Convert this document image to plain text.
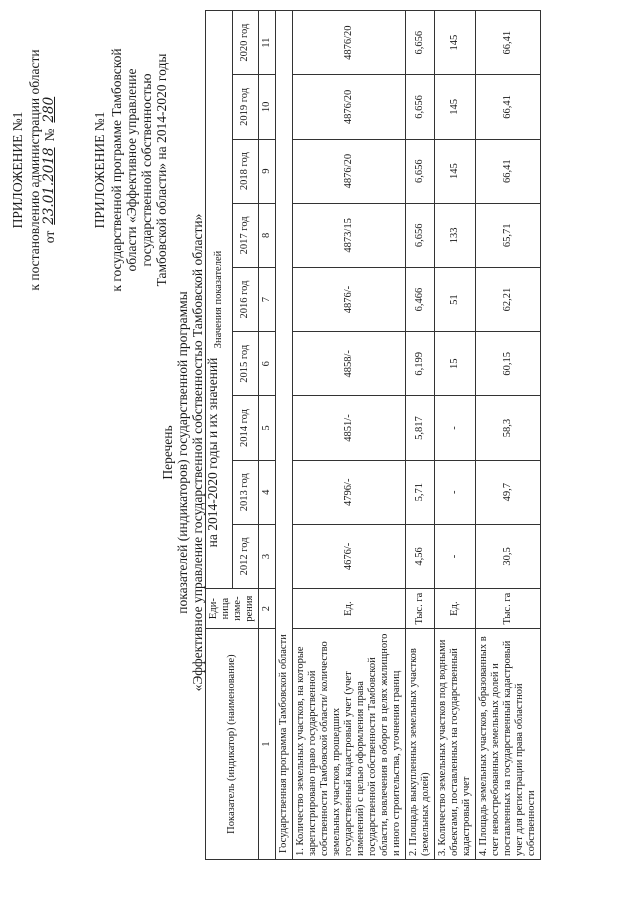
ПРИЛОЖЕНИЕ №1 к постановлению администрации области от
23.01.2018
№
280
ПРИЛОЖЕНИЕ №1 к государственной программе Тамбовской области «Эффективное управление государственной собственностью Тамбовской области» на 2014-2020 годы
Перечень показателей (индикаторов) государственной программы «Эффективное управление государственной собственностью Тамбовской области» на 2014-2020 годы и их значений
Показатель (индикатор) (наименование)	Еди-ница изме-рения	Значения показателей								
		2012 год	2013 год	2014 год	2015 год	2016 год	2017 год	2018 год	2019 год	2020 год
1	2	3	4	5	6	7	8	9	10	11
Государственная программа Тамбовской области										
1. Количество земельных участков, на которые зарегистрировано право государственной собственности Тамбовской области/ количество земельных участков, прошедших государственный кадастровый учет (учет изменений) с целью оформления права государственной собственности Тамбовской области, вовлечения в оборот в целях жилищного и иного строительства, уточнения границ	Ед.	4676/-	4796/-	4851/-	4858/-	4876/-	4873/15	4876/20	4876/20	4876/20
2. Площадь выкупленных земельных участков (земельных долей)	Тыс. га	4,56	5,71	5,817	6,199	6,466	6,656	6,656	6,656	6,656
3. Количество земельных участков под водными объектами, поставленных на государственный кадастровый учет	Ед.	-	-	-	15	51	133	145	145	145
4. Площадь земельных участков, образованных в счет невостребованных земельных долей и поставленных на государственный кадастровый учет для регистрации права областной собственности	Тыс. га	30,5	49,7	58,3	60,15	62,21	65,71	66,41	66,41	66,41
